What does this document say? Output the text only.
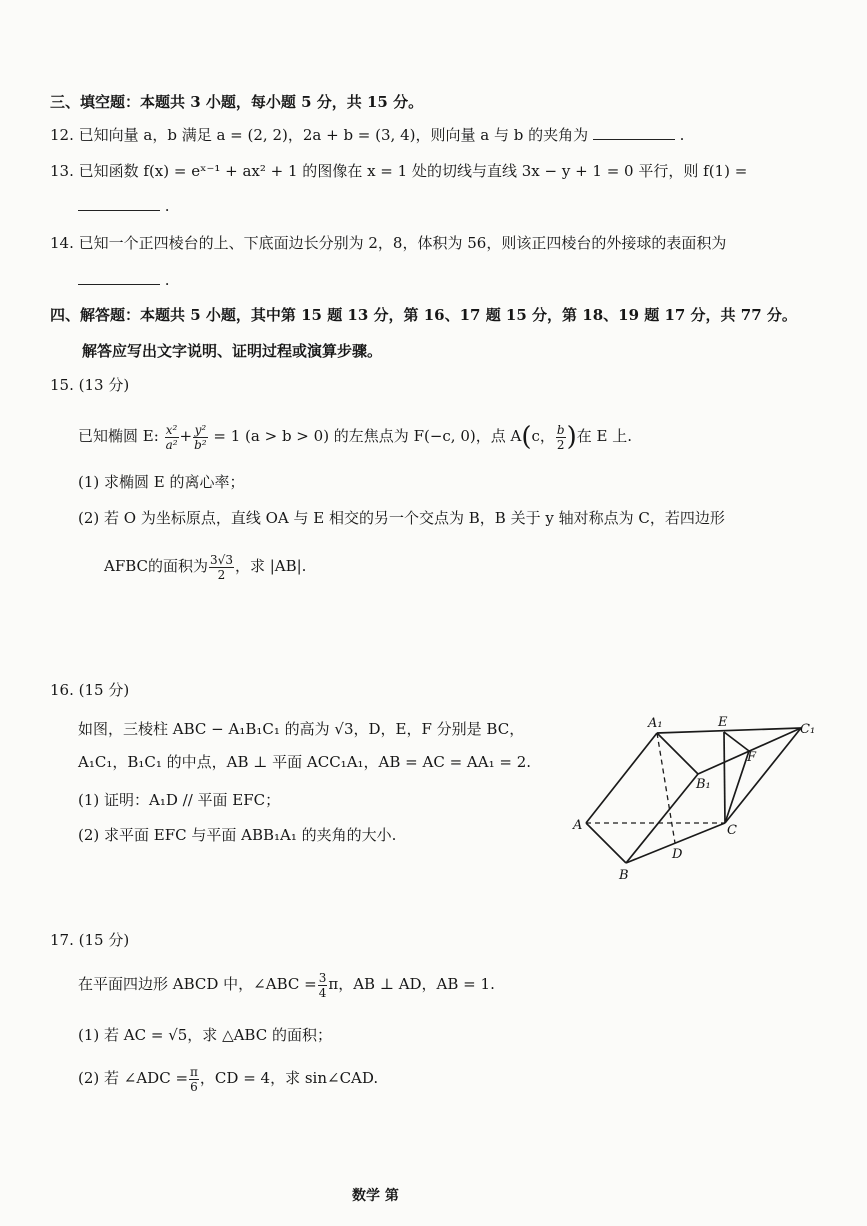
三、填空题：本题共 3 小题，每小题 5 分，共 15 分。
12. 已知向量 a，b 满足 a = (2, 2)，2a + b = (3, 4)，则向量 a 与 b 的夹角为	.
13. 已知函数 f(x) = eˣ⁻¹ + ax² + 1 的图像在 x = 1 处的切线与直线 3x − y + 1 = 0 平行，则 f(1) =
.
14. 已知一个正四棱台的上、下底面边长分别为 2，8，体积为 56，则该正四棱台的外接球的表面积为
.
四、解答题：本题共 5 小题，其中第 15 题 13 分，第 16、17 题 15 分，第 18、19 题 17 分，共 77 分。
解答应写出文字说明、证明过程或演算步骤。
15. (13 分)
已知椭圆 E: $\frac{\text{x²}}{\text{a²}} + \frac{\text{y²}}{\text{b²}} = 1$ (a > b > 0) 的左焦点为 F(−c, 0)，点 A(c， $\frac{b}{2}$ )在 E 上.
(1) 求椭圆 E 的离心率；
(2) 若 O 为坐标原点，直线 OA 与 E 相交的另一个交点为 B，B 关于 y 轴对称点为 C，若四边形
AFBC的面积为 $\frac{3√3}{2}$ ，求 |AB|.
16. (15 分)
如图，三棱柱 ABC − A₁B₁C₁ 的高为 √3，D，E，F 分别是 BC，
A₁C₁，B₁C₁ 的中点，AB ⊥ 平面 ACC₁A₁，AB = AC = AA₁ = 2.
(1) 证明：A₁D // 平面 EFC；
(2) 求平面 EFC 与平面 ABB₁A₁ 的夹角的大小.
A₁	E	C₁
F
B₁
A	C
D
B
17. (15 分)
在平面四边形 ABCD 中，∠ABC = $\frac{3}{4}$ π，AB ⊥ AD，AB = 1.
(1) 若 AC = √5，求 △ABC 的面积；
(2) 若 ∠ADC = $\frac{\pi}{6}$ ，CD = 4，求 sin∠CAD.
数学 第
